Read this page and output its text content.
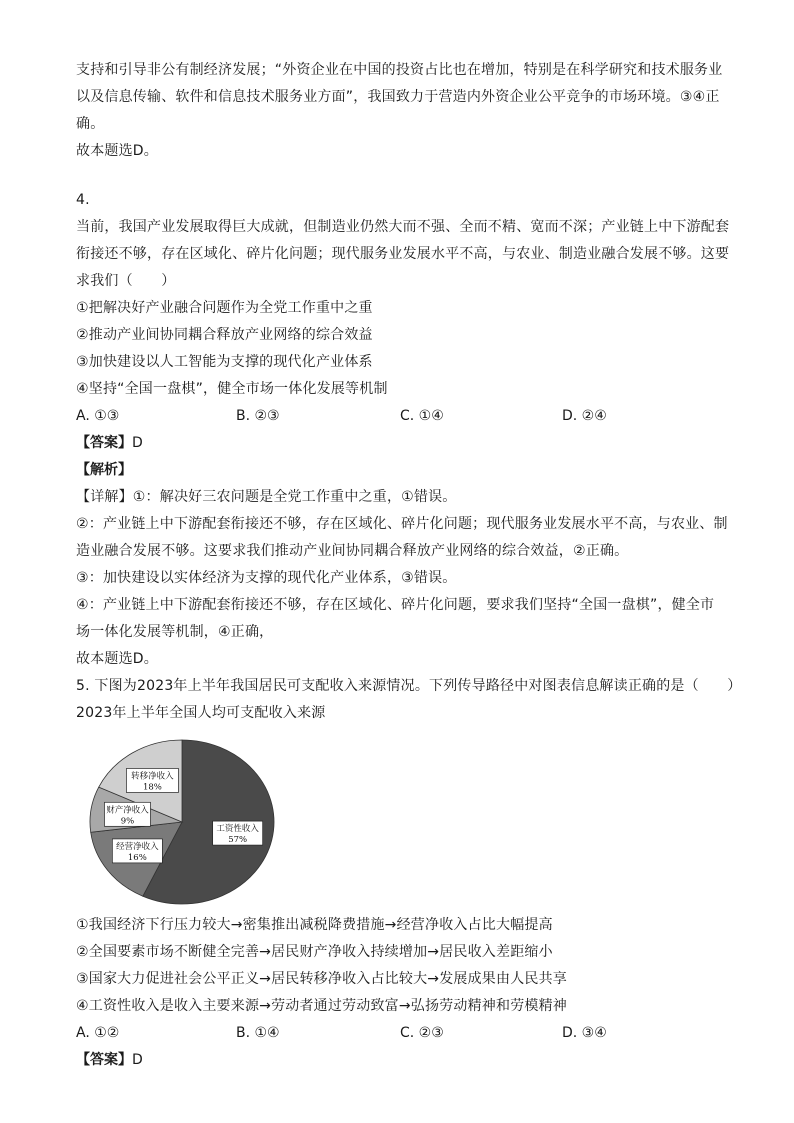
支持和引导非公有制经济发展；“外资企业在中国的投资占比也在增加，特别是在科学研究和技术服务业
以及信息传输、软件和信息技术服务业方面”，我国致力于营造内外资企业公平竞争的市场环境。③④正
确。
故本题选D。
4.
当前，我国产业发展取得巨大成就，但制造业仍然大而不强、全而不精、宽而不深；产业链上中下游配套
衔接还不够，存在区域化、碎片化问题；现代服务业发展水平不高，与农业、制造业融合发展不够。这要
求我们（　　）
①把解决好产业融合问题作为全党工作重中之重
②推动产业间协同耦合释放产业网络的综合效益
③加快建设以人工智能为支撑的现代化产业体系
④坚持“全国一盘棋”，健全市场一体化发展等机制
A. ①③	B. ②③	C. ①④	D. ②④
【答案】D
【解析】
【详解】①：解决好三农问题是全党工作重中之重，①错误。
②：产业链上中下游配套衔接还不够，存在区域化、碎片化问题；现代服务业发展水平不高，与农业、制
造业融合发展不够。这要求我们推动产业间协同耦合释放产业网络的综合效益，②正确。
③：加快建设以实体经济为支撑的现代化产业体系，③错误。
④：产业链上中下游配套衔接还不够，存在区域化、碎片化问题，要求我们坚持“全国一盘棋”，健全市
场一体化发展等机制，④正确，
故本题选D。
5. 下图为2023年上半年我国居民可支配收入来源情况。下列传导路径中对图表信息解读正确的是（　　）
2023年上半年全国人均可支配收入来源
工资性收入
57%
经营净收入
16%
财产净收入
9%
转移净收入
18%
①我国经济下行压力较大→密集推出减税降费措施→经营净收入占比大幅提高
②全国要素市场不断健全完善→居民财产净收入持续增加→居民收入差距缩小
③国家大力促进社会公平正义→居民转移净收入占比较大→发展成果由人民共享
④工资性收入是收入主要来源→劳动者通过劳动致富→弘扬劳动精神和劳模精神
A. ①②	B. ①④	C. ②③	D. ③④
【答案】D
